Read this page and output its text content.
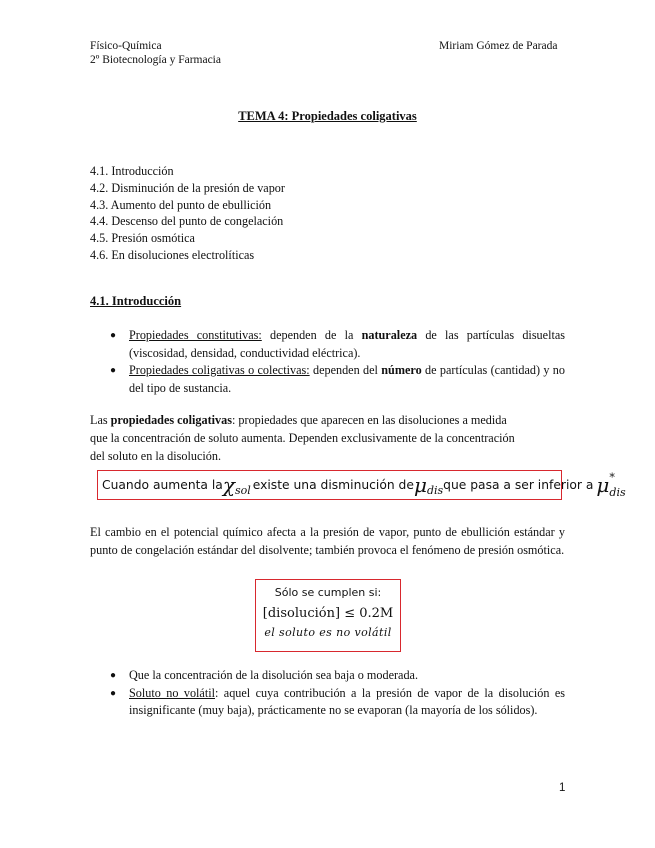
Físico-Química
2º Biotecnología y Farmacia
Miriam Gómez de Parada
TEMA 4: Propiedades coligativas
4.1. Introducción
4.2. Disminución de la presión de vapor
4.3. Aumento del punto de ebullición
4.4. Descenso del punto de congelación
4.5. Presión osmótica
4.6. En disoluciones electrolíticas
4.1. Introducción
● Propiedades constitutivas: dependen de la naturaleza de las partículas disueltas (viscosidad, densidad, conductividad eléctrica).
● Propiedades coligativas o colectivas: dependen del número de partículas (cantidad) y no del tipo de sustancia.
Las propiedades coligativas: propiedades que aparecen en las disoluciones a medida
que la concentración de soluto aumenta. Dependen exclusivamente de la concentración
del soluto en la disolución.
Cuando aumenta la χ sol existe una disminución de μ dis que pasa a ser inferior a μ *
dis
El cambio en el potencial químico afecta a la presión de vapor, punto de ebullición estándar y punto de congelación estándar del disolvente; también provoca el fenómeno de presión osmótica.
Sólo se cumplen si:
[disolución] ≤ 0.2M
el soluto es no volátil
● Que la concentración de la disolución sea baja o moderada.
● Soluto no volátil: aquel cuya contribución a la presión de vapor de la disolución es insignificante (muy baja), prácticamente no se evaporan (la mayoría de los sólidos).
1
